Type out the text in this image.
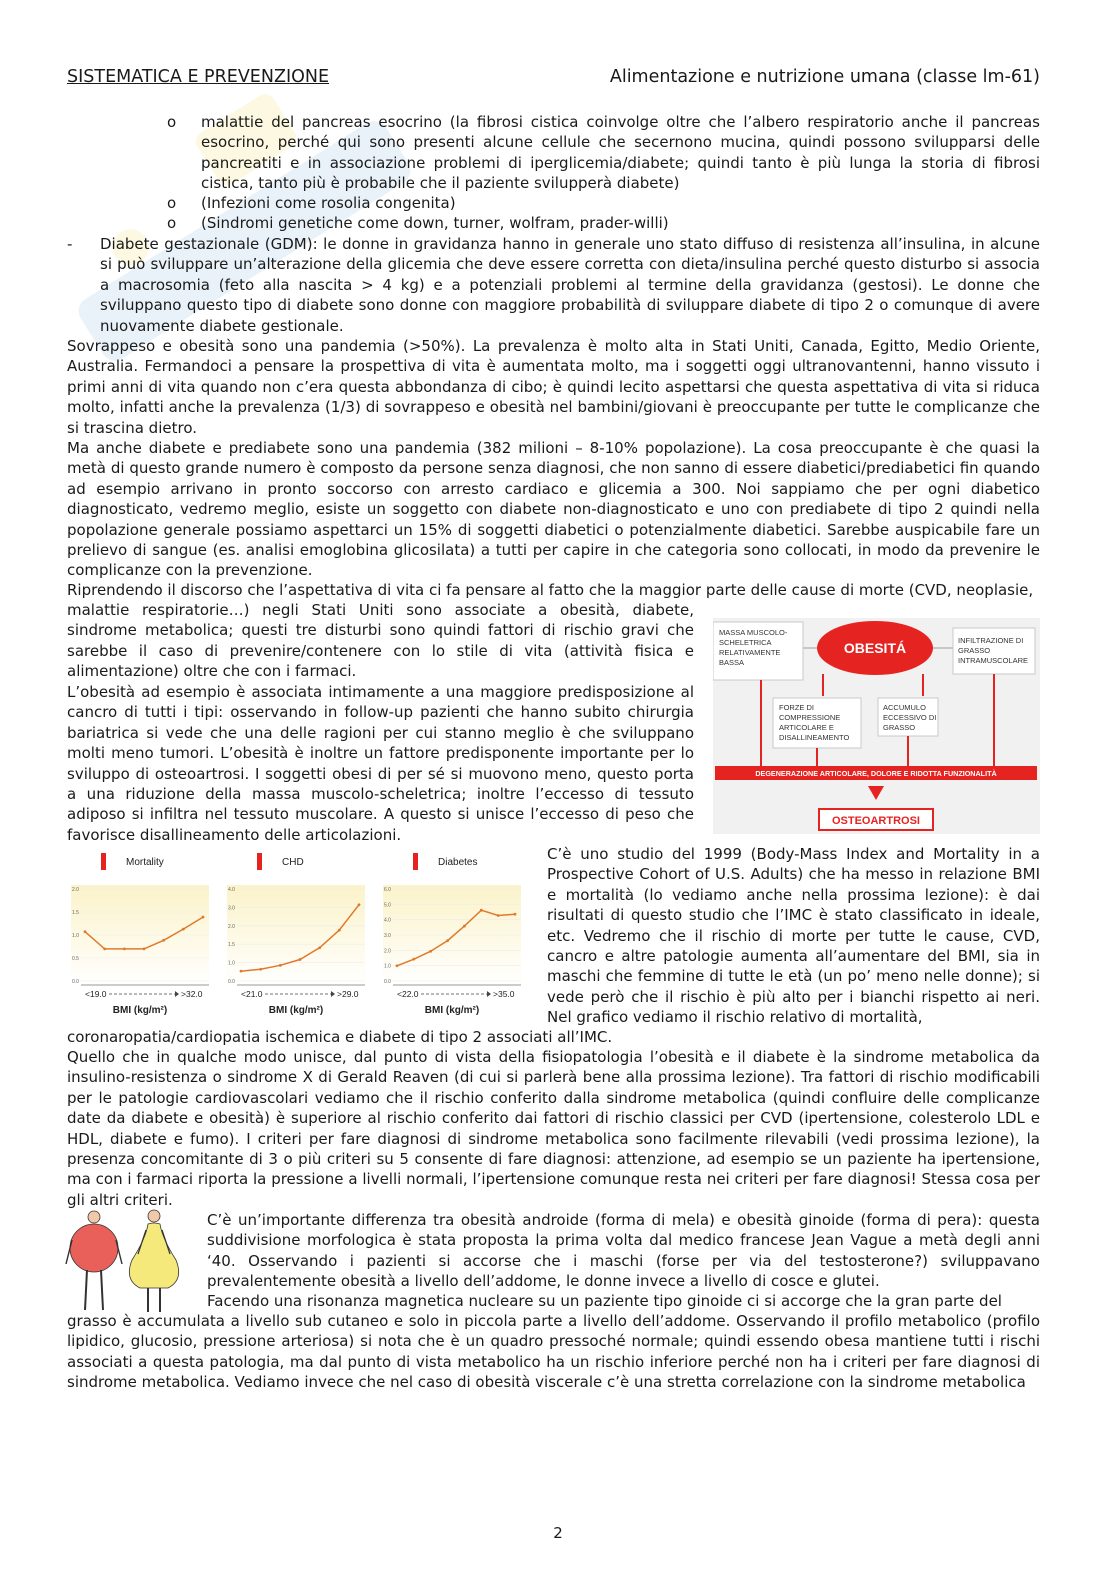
SISTEMATICA E PREVENZIONE	Alimentazione e nutrizione umana (classe lm-61)
o malattie del pancreas esocrino (la fibrosi cistica coinvolge oltre che l’albero respiratorio anche il pancreas esocrino, perché qui sono presenti alcune cellule che secernono mucina, quindi possono svilupparsi delle pancreatiti e in associazione problemi di iperglicemia/diabete; quindi tanto è più lunga la storia di fibrosi cistica, tanto più è probabile che il paziente svilupperà diabete)
o (Infezioni come rosolia congenita)
o (Sindromi genetiche come down, turner, wolfram, prader-willi)
- Diabete gestazionale (GDM): le donne in gravidanza hanno in generale uno stato diffuso di resistenza all’insulina, in alcune si può sviluppare un’alterazione della glicemia che deve essere corretta con dieta/insulina perché questo disturbo si associa a macrosomia (feto alla nascita > 4 kg) e a potenziali problemi al termine della gravidanza (gestosi). Le donne che sviluppano questo tipo di diabete sono donne con maggiore probabilità di sviluppare diabete di tipo 2 o comunque di avere nuovamente diabete gestionale.
Sovrappeso e obesità sono una pandemia (>50%). La prevalenza è molto alta in Stati Uniti, Canada, Egitto, Medio Oriente, Australia. Fermandoci a pensare la prospettiva di vita è aumentata molto, ma i soggetti oggi ultranovantenni, hanno vissuto i primi anni di vita quando non c’era questa abbondanza di cibo; è quindi lecito aspettarsi che questa aspettativa di vita si riduca molto, infatti anche la prevalenza (1/3) di sovrappeso e obesità nel bambini/giovani è preoccupante per tutte le complicanze che si trascina dietro.
Ma anche diabete e prediabete sono una pandemia (382 milioni – 8-10% popolazione). La cosa preoccupante è che quasi la metà di questo grande numero è composto da persone senza diagnosi, che non sanno di essere diabetici/prediabetici fin quando ad esempio arrivano in pronto soccorso con arresto cardiaco e glicemia a 300. Noi sappiamo che per ogni diabetico diagnosticato, vedremo meglio, esiste un soggetto con diabete non-diagnosticato e uno con prediabete di tipo 2 quindi nella popolazione generale possiamo aspettarci un 15% di soggetti diabetici o potenzialmente diabetici. Sarebbe auspicabile fare un prelievo di sangue (es. analisi emoglobina glicosilata) a tutti per capire in che categoria sono collocati, in modo da prevenire le complicanze con la prevenzione.
Riprendendo il discorso che l’aspettativa di vita ci fa pensare al fatto che la maggior parte delle cause di morte (CVD, neoplasie,
malattie respiratorie…) negli Stati Uniti sono associate a obesità, diabete, sindrome metabolica; questi tre disturbi sono quindi fattori di rischio gravi che sarebbe il caso di prevenire/contenere con lo stile di vita (attività fisica e alimentazione) oltre che con i farmaci.
L’obesità ad esempio è associata intimamente a una maggiore predisposizione al cancro di tutti i tipi: osservando in follow-up pazienti che hanno subito chirurgia bariatrica si vede che una delle ragioni per cui stanno meglio è che sviluppano molti meno tumori. L’obesità è inoltre un fattore predisponente importante per lo sviluppo di osteoartrosi. I soggetti obesi di per sé si muovono meno, questo porta a una riduzione della massa muscolo-scheletrica; inoltre l’eccesso di tessuto adiposo si infiltra nel tessuto muscolare. A questo si unisce l’eccesso di peso che favorisce disallineamento delle articolazioni.
MASSA MUSCOLO-
SCHELETRICA
RELATIVAMENTE
BASSA
INFILTRAZIONE DI
GRASSO
INTRAMUSCOLARE
OBESITÁ
FORZE DI
COMPRESSIONE
ARTICOLARE E
DISALLINEAMENTO
ACCUMULO
ECCESSIVO DI
GRASSO
DEGENERAZIONE ARTICOLARE, DOLORE E RIDOTTA FUNZIONALITÀ
OSTEOARTROSI
Mortality
2.0
1.5
1.0
0.5
0.0
<19.0	>32.0
BMI (kg/m²)
CHD
4.0
3.0
2.0
1.5
1.0
0.0
<21.0	>29.0
BMI (kg/m²)
Diabetes
6.0
5.0
4.0
3.0
2.0
1.0
0.0
<22.0	>35.0
BMI (kg/m²)
C’è uno studio del 1999 (Body-Mass Index and Mortality in a Prospective Cohort of U.S. Adults) che ha messo in relazione BMI e mortalità (lo vediamo anche nella prossima lezione): è dai risultati di questo studio che l’IMC è stato classificato in ideale, etc. Vedremo che il rischio di morte per tutte le cause, CVD, cancro e altre patologie aumenta all’aumentare del BMI, sia in maschi che femmine di tutte le età (un po’ meno nelle donne); si vede però che il rischio è più alto per i bianchi rispetto ai neri. Nel grafico vediamo il rischio relativo di mortalità,
coronaropatia/cardiopatia ischemica e diabete di tipo 2 associati all’IMC.
Quello che in qualche modo unisce, dal punto di vista della fisiopatologia l’obesità e il diabete è la sindrome metabolica da insulino-resistenza o sindrome X di Gerald Reaven (di cui si parlerà bene alla prossima lezione). Tra fattori di rischio modificabili per le patologie cardiovascolari vediamo che il rischio conferito dalla sindrome metabolica (quindi confluire delle complicanze date da diabete e obesità) è superiore al rischio conferito dai fattori di rischio classici per CVD (ipertensione, colesterolo LDL e HDL, diabete e fumo). I criteri per fare diagnosi di sindrome metabolica sono facilmente rilevabili (vedi prossima lezione), la presenza concomitante di 3 o più criteri su 5 consente di fare diagnosi: attenzione, ad esempio se un paziente ha ipertensione, ma con i farmaci riporta la pressione a livelli normali, l’ipertensione comunque resta nei criteri per fare diagnosi! Stessa cosa per gli altri criteri.
C’è un’importante differenza tra obesità androide (forma di mela) e obesità ginoide (forma di pera): questa suddivisione morfologica è stata proposta la prima volta dal medico francese Jean Vague a metà degli anni ‘40. Osservando i pazienti si accorse che i maschi (forse per via del testosterone?) sviluppavano prevalentemente obesità a livello dell’addome, le donne invece a livello di cosce e glutei.
Facendo una risonanza magnetica nucleare su un paziente tipo ginoide ci si accorge che la gran parte del
grasso è accumulata a livello sub cutaneo e solo in piccola parte a livello dell’addome. Osservando il profilo metabolico (profilo lipidico, glucosio, pressione arteriosa) si nota che è un quadro pressoché normale; quindi essendo obesa mantiene tutti i rischi associati a questa patologia, ma dal punto di vista metabolico ha un rischio inferiore perché non ha i criteri per fare diagnosi di sindrome metabolica. Vediamo invece che nel caso di obesità viscerale c’è una stretta correlazione con la sindrome metabolica
2
